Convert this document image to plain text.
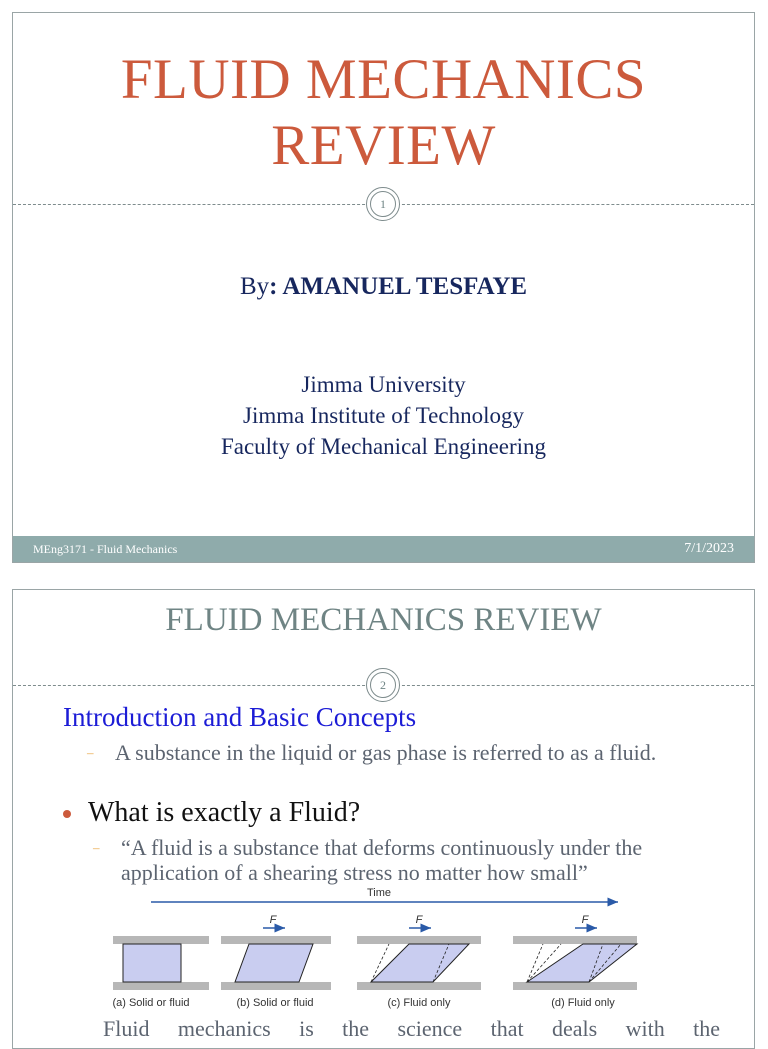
FLUID MECHANICS REVIEW
1
By: AMANUEL TESFAYE
Jimma University
Jimma Institute of Technology
Faculty of Mechanical Engineering
MEng3171 - Fluid Mechanics	7/1/2023
FLUID MECHANICS REVIEW
2
Introduction and Basic Concepts
– A substance in the liquid or gas phase is referred to as a fluid.
What is exactly a Fluid?
– “A fluid is a substance that deforms continuously under the application of a shearing stress no matter how small”
Time
(a) Solid or fluid
F
(b) Solid or fluid
F
(c) Fluid only
F
(d) Fluid only
Fluid mechanics is the science that deals with the
